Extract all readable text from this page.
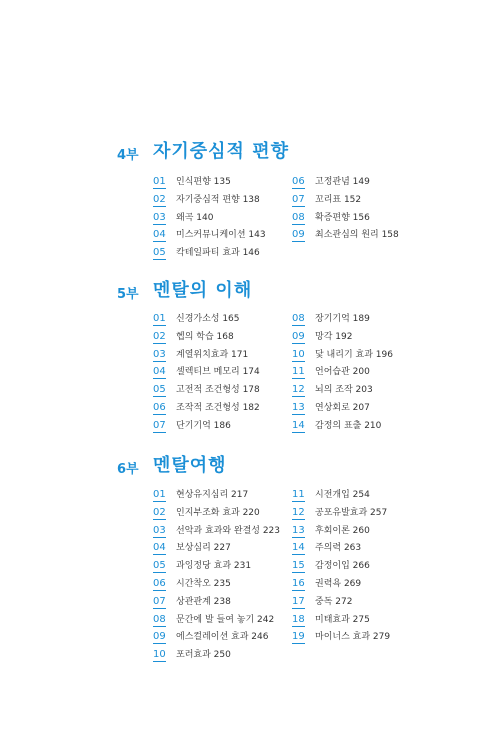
4부 자기중심적 편향
01 인식편향 135
02 자기중심적 편향 138
03 왜곡 140
04 미스커뮤니케이션 143
05 칵테일파티 효과 146
06 고정관념 149
07 꼬리표 152
08 확증편향 156
09 최소관심의 원리 158
5부 멘탈의 이해
01 신경가소성 165
02 헵의 학습 168
03 계열위치효과 171
04 셀렉티브 메모리 174
05 고전적 조건형성 178
06 조작적 조건형성 182
07 단기기억 186
08 장기기억 189
09 망각 192
10 닻 내리기 효과 196
11 언어습관 200
12 뇌의 조작 203
13 연상회로 207
14 감정의 표출 210
6부 멘탈여행
01 현상유지심리 217
02 인지부조화 효과 220
03 선악과 효과와 완결성 223
04 보상심리 227
05 과잉정당 효과 231
06 시간착오 235
07 상관관계 238
08 문간에 발 들여 놓기 242
09 에스컬레이션 효과 246
10 포러효과 250
11 시전개입 254
12 공포유발효과 257
13 후회이론 260
14 주의력 263
15 감정이입 266
16 권력욕 269
17 중독 272
18 미태효과 275
19 마이너스 효과 279
